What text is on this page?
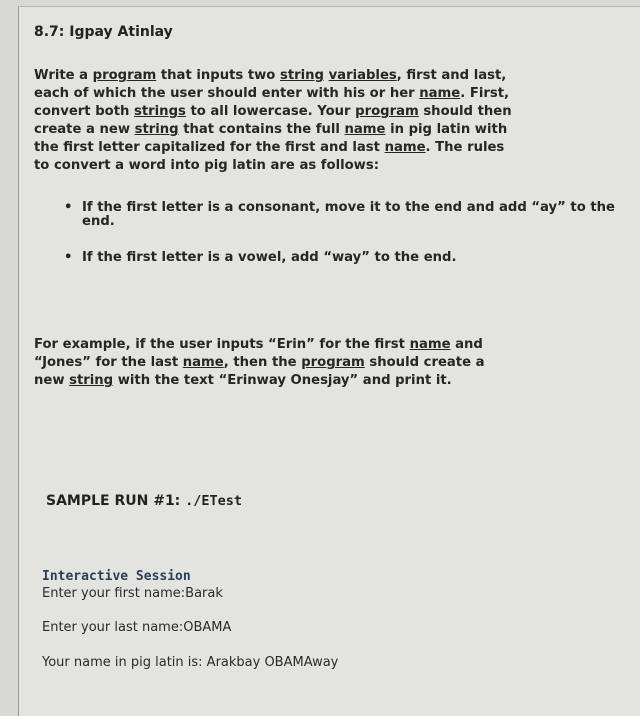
8.7: Igpay Atinlay

Write a program that inputs two string variables, first and last, each of which the user should enter with his or her name. First, convert both strings to all lowercase. Your program should then create a new string that contains the full name in pig latin with the first letter capitalized for the first and last name. The rules to convert a word into pig latin are as follows:

• If the first letter is a consonant, move it to the end and add “ay” to the end.
• If the first letter is a vowel, add “way” to the end.

For example, if the user inputs “Erin” for the first name and “Jones” for the last name, then the program should create a new string with the text “Erinway Onesjay” and print it.

SAMPLE RUN #1: ./ETest
Interactive Session

Enter your first name:Barak

Enter your last name:OBAMA

Your name in pig latin is: Arakbay OBAMAway
